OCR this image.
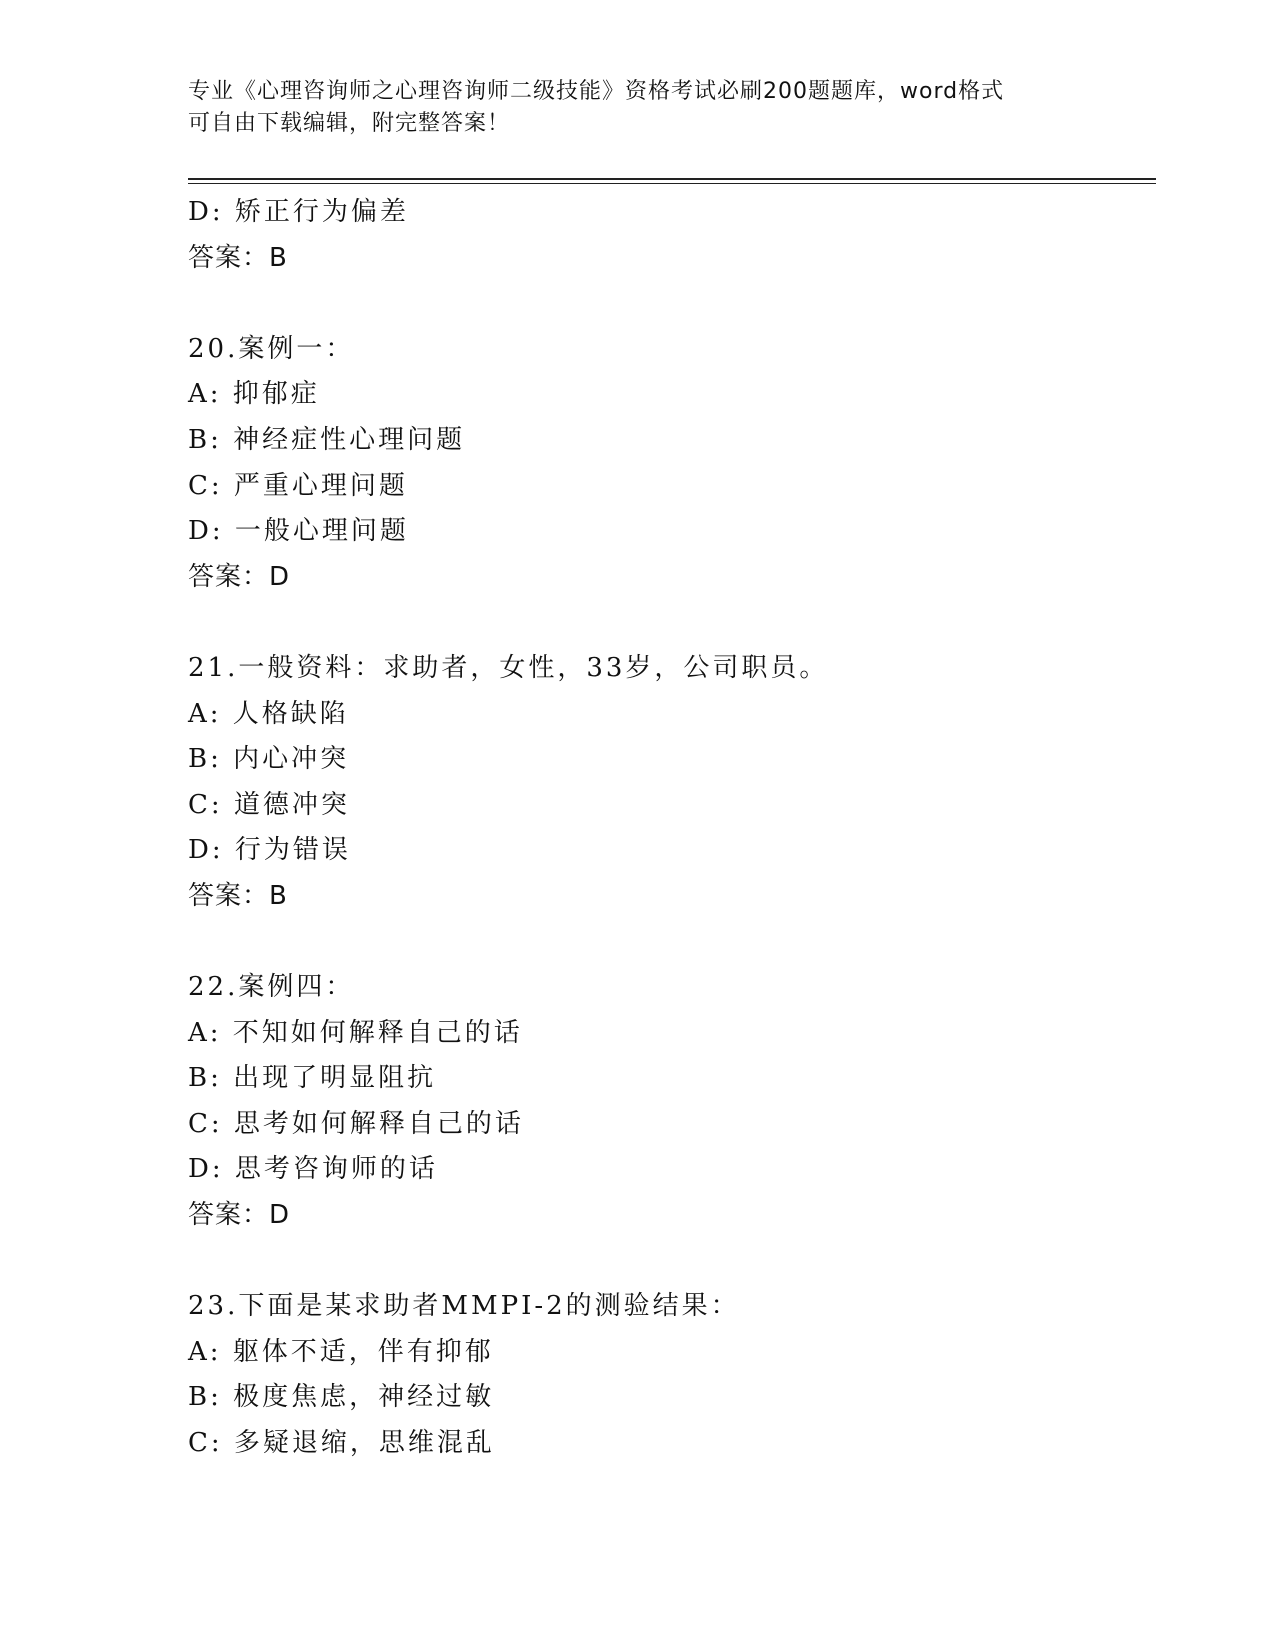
专业《心理咨询师之心理咨询师二级技能》资格考试必刷200题题库，word格式
可自由下载编辑，附完整答案！
D: 矫正行为偏差
答案：B
20.案例一：
A: 抑郁症
B: 神经症性心理问题
C: 严重心理问题
D: 一般心理问题
答案：D
21.一般资料：求助者，女性，33岁，公司职员。
A: 人格缺陷
B: 内心冲突
C: 道德冲突
D: 行为错误
答案：B
22.案例四：
A: 不知如何解释自己的话
B: 出现了明显阻抗
C: 思考如何解释自己的话
D: 思考咨询师的话
答案：D
23.下面是某求助者MMPI-2的测验结果：
A: 躯体不适，伴有抑郁
B: 极度焦虑，神经过敏
C: 多疑退缩，思维混乱
